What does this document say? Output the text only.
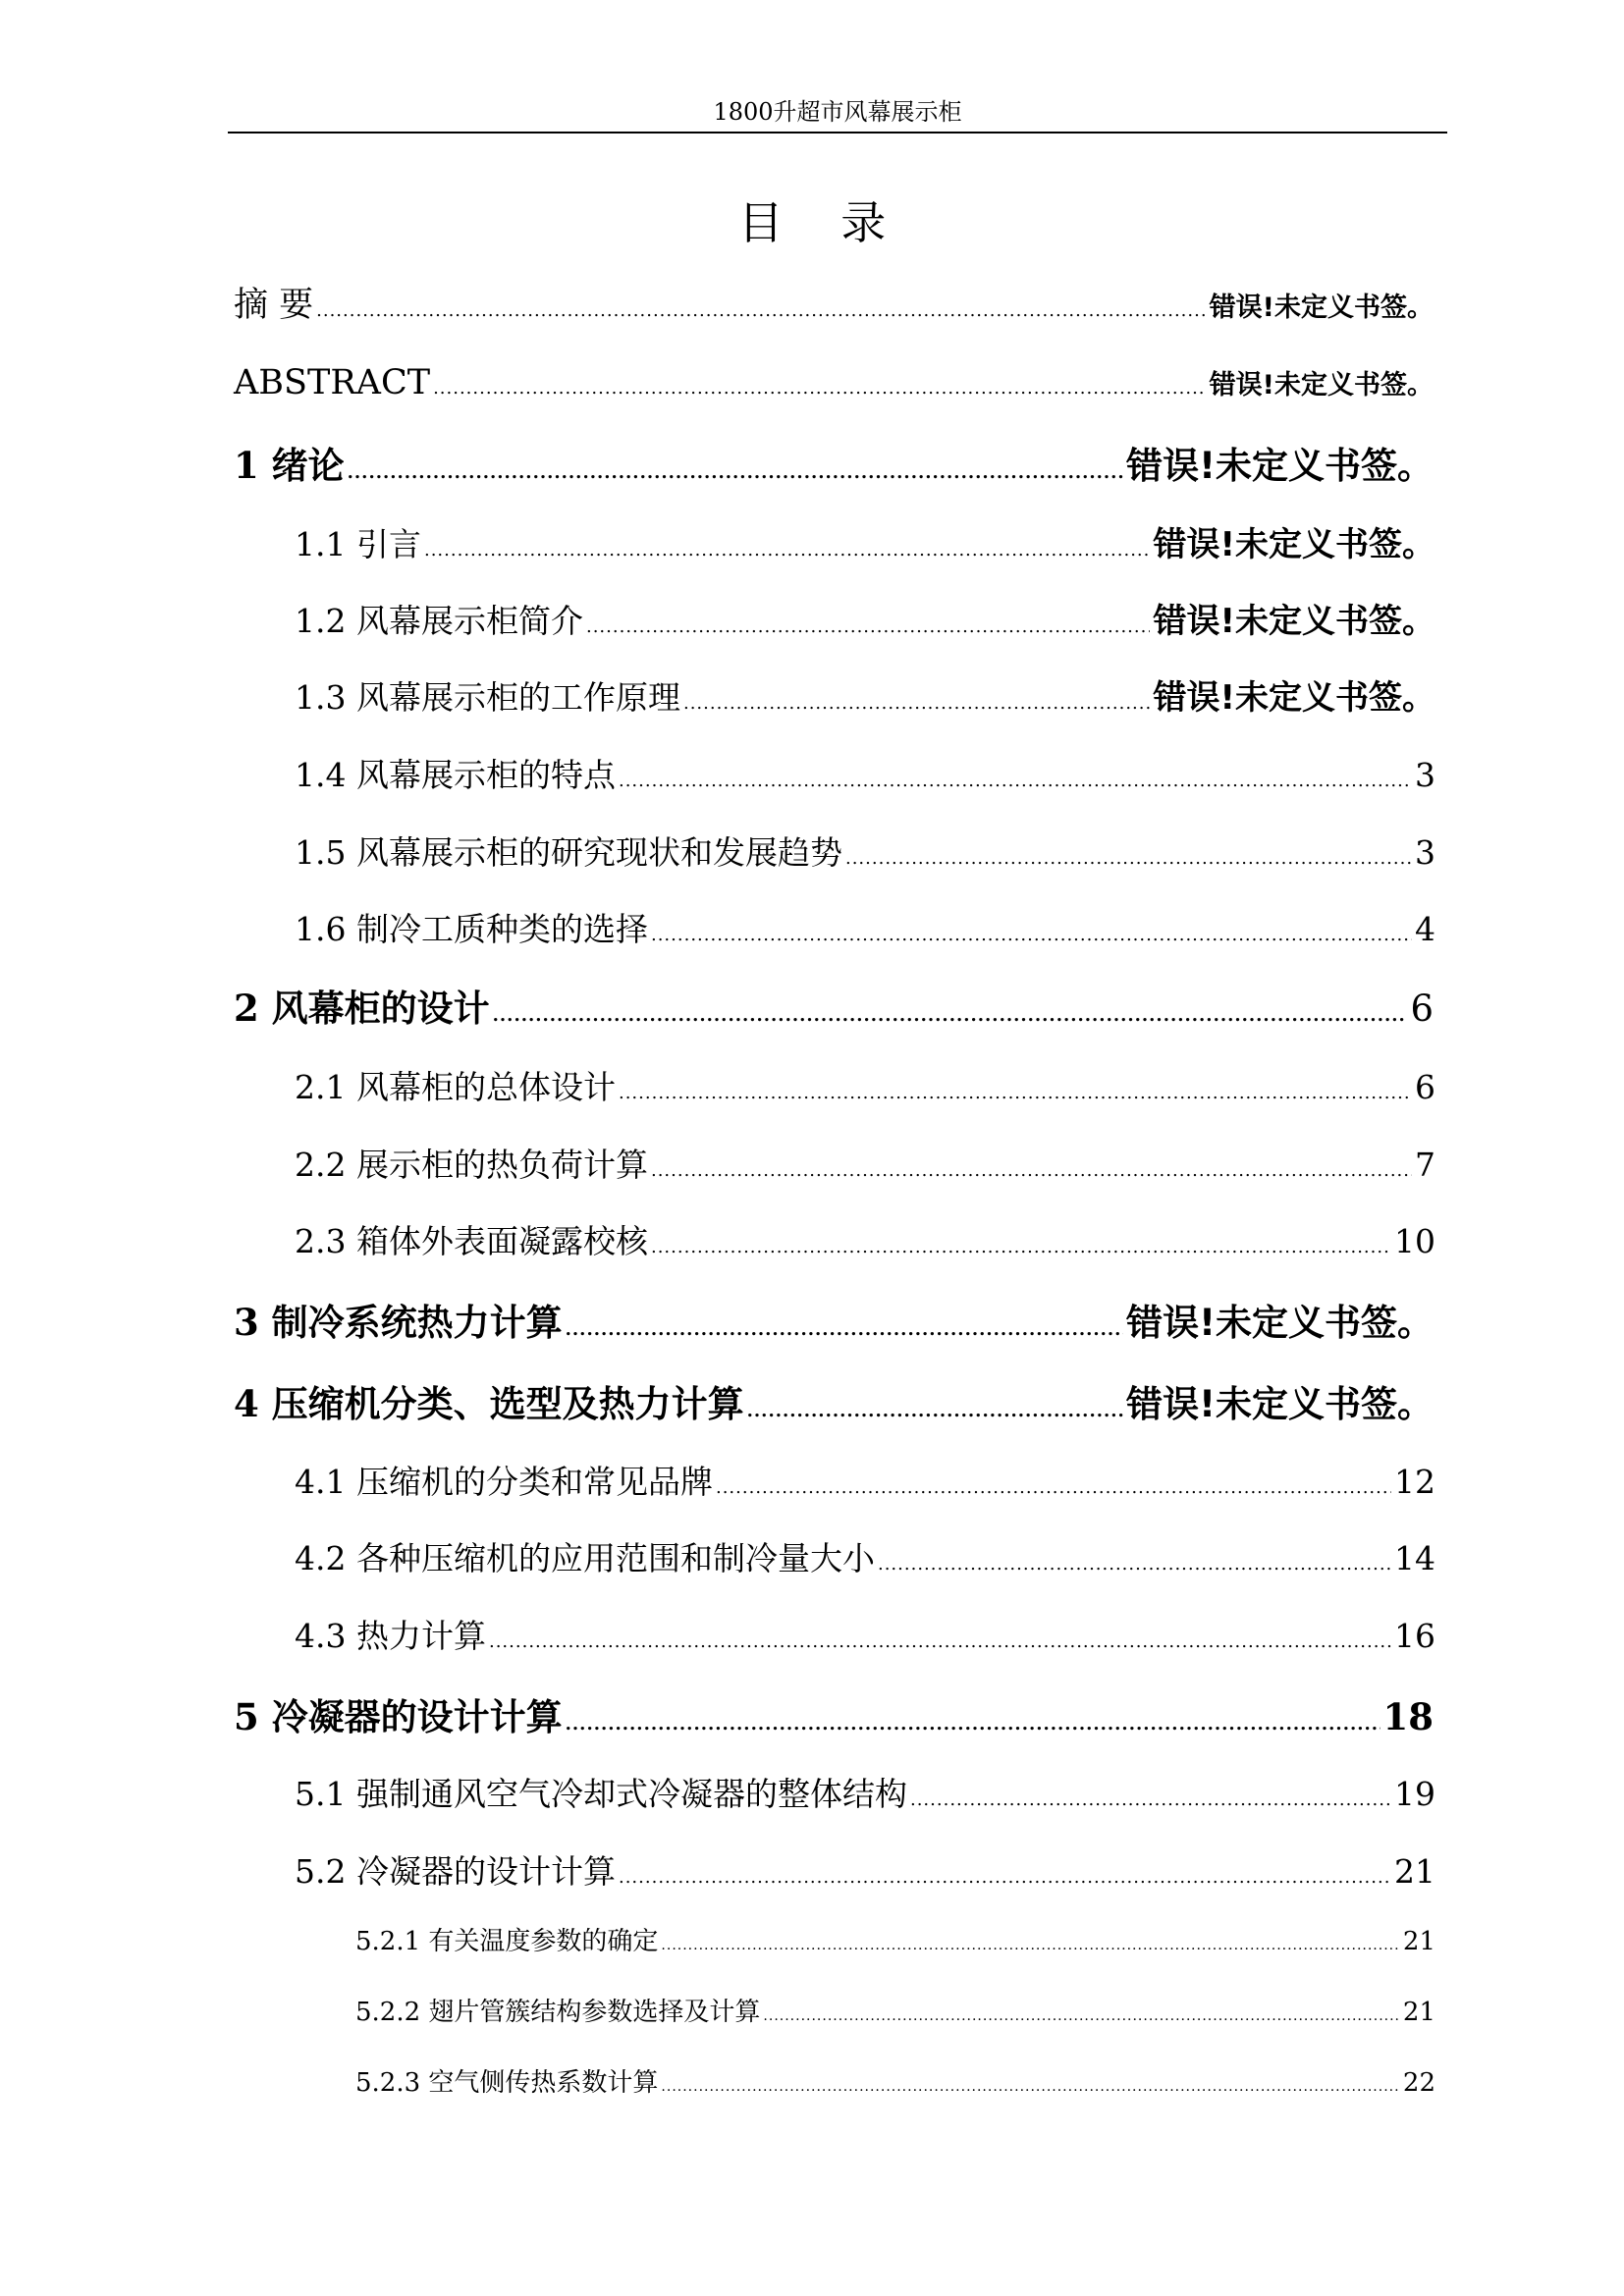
1800升超市风幕展示柜
目 录
摘 要 .....	错误!未定义书签。
ABSTRACT .....	错误!未定义书签。
1 绪论 .....	错误!未定义书签。
1.1 引言 .....	错误!未定义书签。
1.2 风幕展示柜简介 .....	错误!未定义书签。
1.3 风幕展示柜的工作原理 .....	错误!未定义书签。
1.4 风幕展示柜的特点 .....	3
1.5 风幕展示柜的研究现状和发展趋势 .....	3
1.6 制冷工质种类的选择 .....	4
2 风幕柜的设计 .....	6
2.1 风幕柜的总体设计 .....	6
2.2 展示柜的热负荷计算 .....	7
2.3 箱体外表面凝露校核 .....	10
3 制冷系统热力计算 .....	错误!未定义书签。
4 压缩机分类、选型及热力计算 .....	错误!未定义书签。
4.1 压缩机的分类和常见品牌 .....	12
4.2 各种压缩机的应用范围和制冷量大小 .....	14
4.3 热力计算 .....	16
5 冷凝器的设计计算 .....	18
5.1 强制通风空气冷却式冷凝器的整体结构 .....	19
5.2 冷凝器的设计计算 .....	21
5.2.1 有关温度参数的确定 .....	21
5.2.2 翅片管簇结构参数选择及计算 .....	21
5.2.3 空气侧传热系数计算 .....	22
